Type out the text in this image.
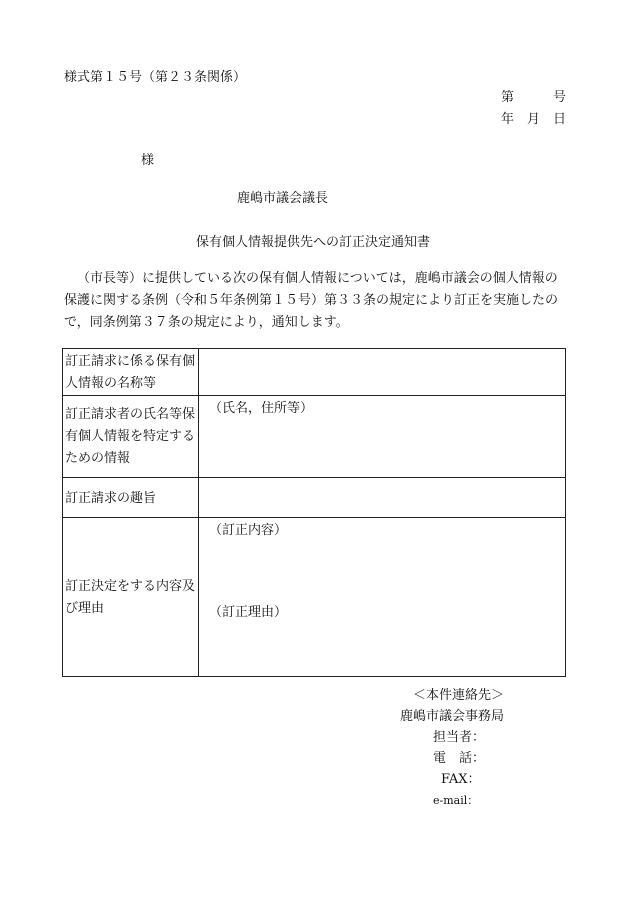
様式第１５号（第２３条関係）
第　　　号
年　月　日
様
鹿嶋市議会議長
保有個人情報提供先への訂正決定通知書
（市長等）に提供している次の保有個人情報については，鹿嶋市議会の個人情報の
保護に関する条例（令和５年条例第１５号）第３３条の規定により訂正を実施したの
で，同条例第３７条の規定により，通知します。
訂正請求に係る保有個
人情報の名称等	

訂正請求者の氏名等保
有個人情報を特定する
ための情報	（氏名，住所等）

訂正請求の趣旨	

訂正決定をする内容及
び理由	（訂正内容）
（訂正理由）
＜本件連絡先＞
鹿嶋市議会事務局
担当者：
電　話：
FAX：
e-mail：
